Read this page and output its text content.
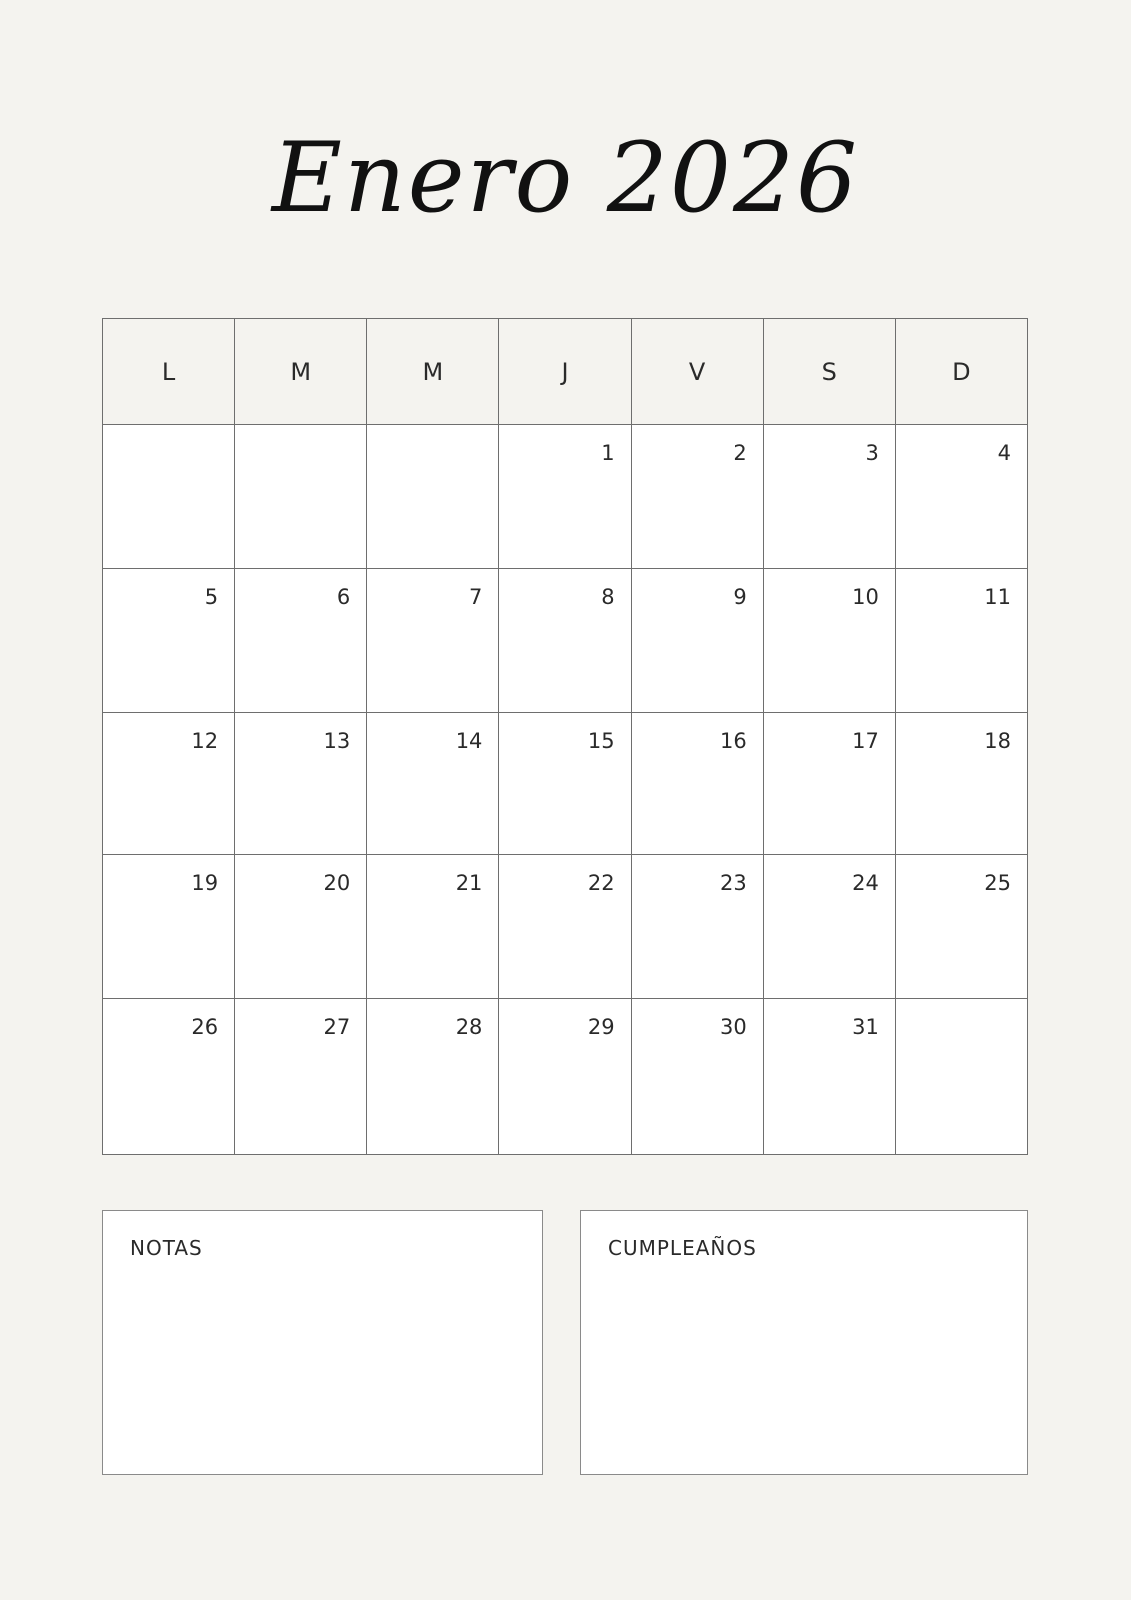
Enero 2026
L	M	M	J	V	S	D

			1	2	3	4

5	6	7	8	9	10	11

12	13	14	15	16	17	18

19	20	21	22	23	24	25

26	27	28	29	30	31	

NOTAS	CUMPLEAÑOS
